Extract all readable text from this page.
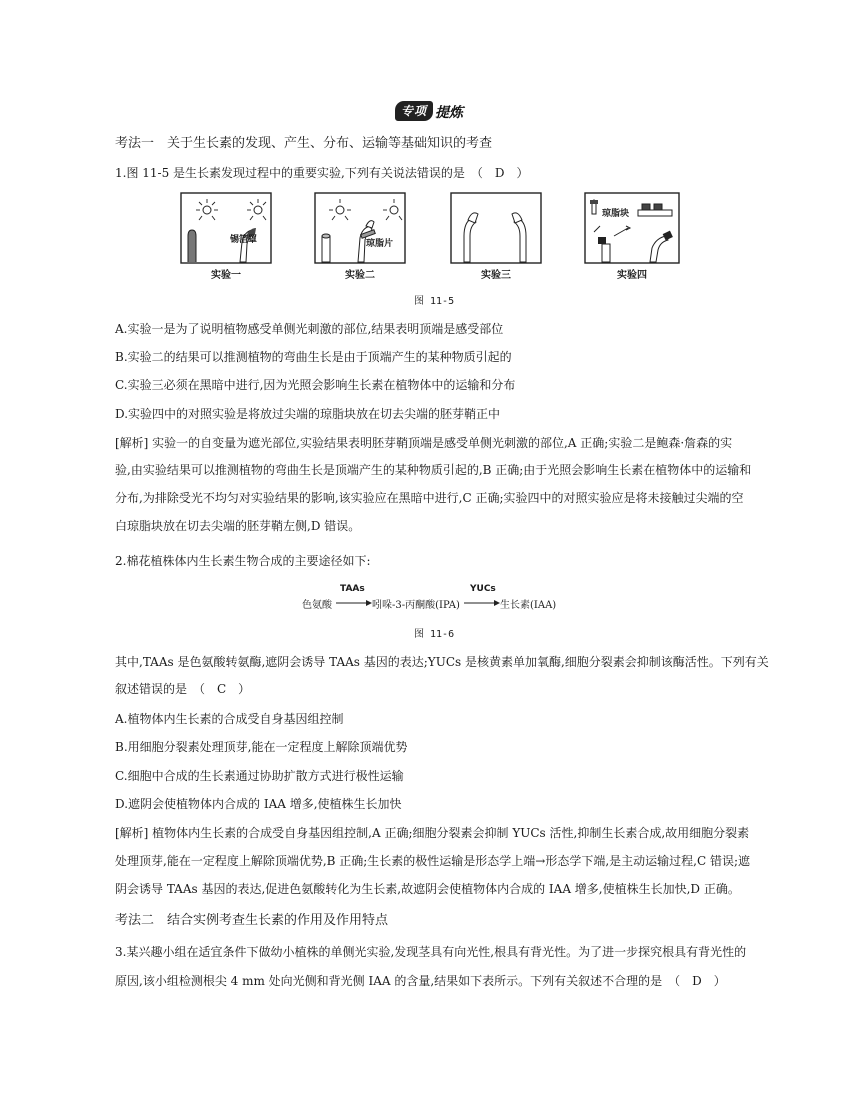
专项 提炼
考法一　关于生长素的发现、产生、分布、运输等基础知识的考查
1.图 11-5 是生长素发现过程中的重要实验,下列有关说法错误的是　（　D　）
锡箔罩
实验一
琼脂片
实验二	实验三
琼脂块
实验四
图 11-5
A.实验一是为了说明植物感受单侧光刺激的部位,结果表明顶端是感受部位
B.实验二的结果可以推测植物的弯曲生长是由于顶端产生的某种物质引起的
C.实验三必须在黑暗中进行,因为光照会影响生长素在植物体中的运输和分布
D.实验四中的对照实验是将放过尖端的琼脂块放在切去尖端的胚芽鞘正中
[解析] 实验一的自变量为遮光部位,实验结果表明胚芽鞘顶端是感受单侧光刺激的部位,A 正确;实验二是鲍森·詹森的实
验,由实验结果可以推测植物的弯曲生长是顶端产生的某种物质引起的,B 正确;由于光照会影响生长素在植物体中的运输和
分布,为排除受光不均匀对实验结果的影响,该实验应在黑暗中进行,C 正确;实验四中的对照实验应是将未接触过尖端的空
白琼脂块放在切去尖端的胚芽鞘左侧,D 错误。
2.棉花植株体内生长素生物合成的主要途径如下:
色氨酸
TAAs
吲哚-3-丙酮酸(IPA)
YUCs
生长素(IAA)
图 11-6
其中,TAAs 是色氨酸转氨酶,遮阴会诱导 TAAs 基因的表达;YUCs 是核黄素单加氧酶,细胞分裂素会抑制该酶活性。下列有关
叙述错误的是　（　C　）
A.植物体内生长素的合成受自身基因组控制
B.用细胞分裂素处理顶芽,能在一定程度上解除顶端优势
C.细胞中合成的生长素通过协助扩散方式进行极性运输
D.遮阴会使植物体内合成的 IAA 增多,使植株生长加快
[解析] 植物体内生长素的合成受自身基因组控制,A 正确;细胞分裂素会抑制 YUCs 活性,抑制生长素合成,故用细胞分裂素
处理顶芽,能在一定程度上解除顶端优势,B 正确;生长素的极性运输是形态学上端→形态学下端,是主动运输过程,C 错误;遮
阴会诱导 TAAs 基因的表达,促进色氨酸转化为生长素,故遮阴会使植物体内合成的 IAA 增多,使植株生长加快,D 正确。
考法二　结合实例考查生长素的作用及作用特点
3.某兴趣小组在适宜条件下做幼小植株的单侧光实验,发现茎具有向光性,根具有背光性。为了进一步探究根具有背光性的
原因,该小组检测根尖 4 mm 处向光侧和背光侧 IAA 的含量,结果如下表所示。下列有关叙述不合理的是　（　D　）
